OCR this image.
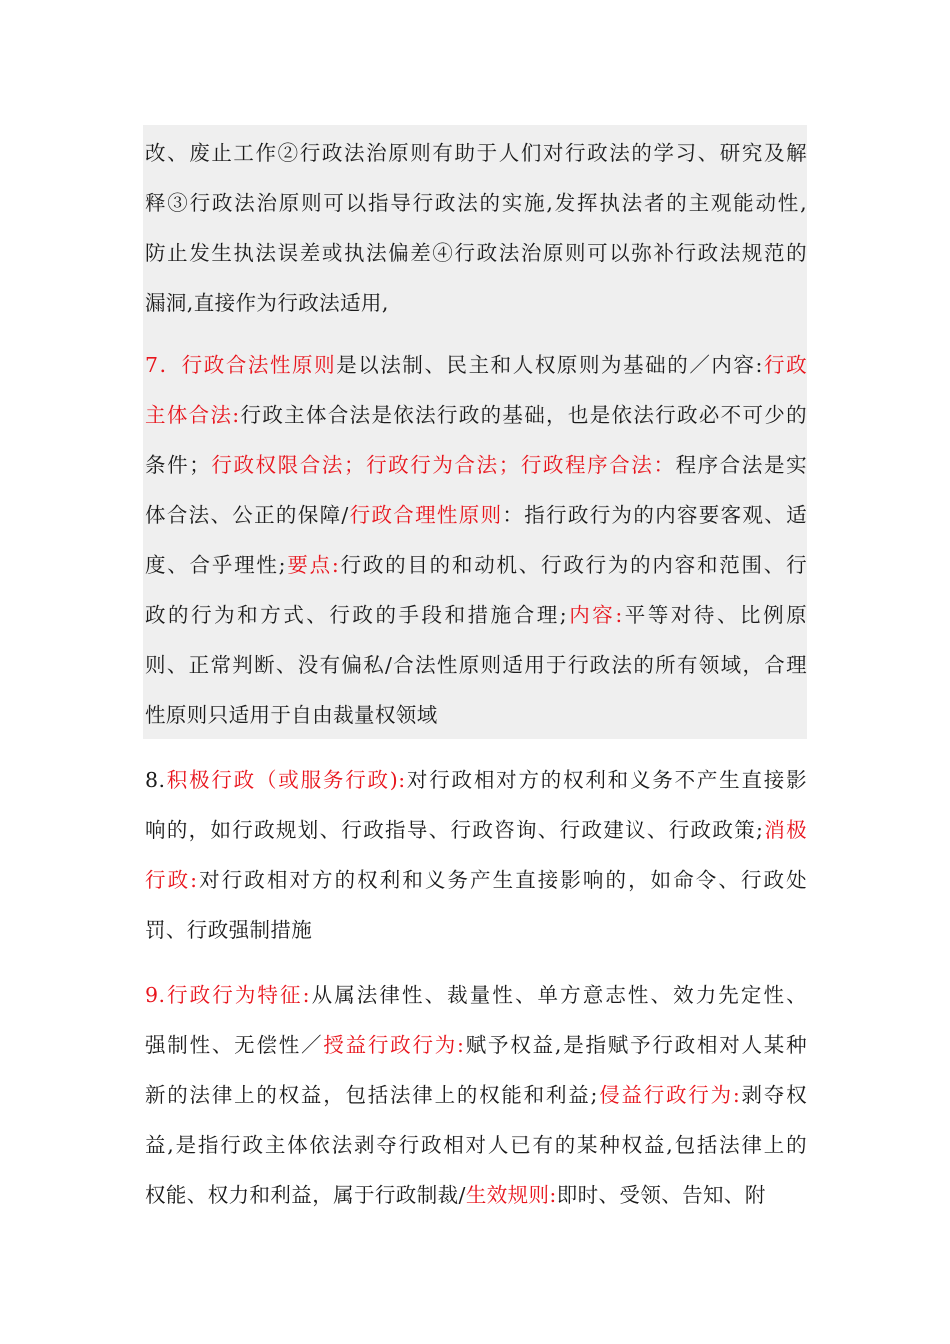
改、废止工作②行政法治原则有助于人们对行政法的学习、研究及解
释③行政法治原则可以指导行政法的实施,发挥执法者的主观能动性,
防止发生执法误差或执法偏差④行政法治原则可以弥补行政法规范的
漏洞,直接作为行政法适用,
7．行政合法性原则是以法制、民主和人权原则为基础的／内容:行政
主体合法:行政主体合法是依法行政的基础，也是依法行政必不可少的
条件；行政权限合法；行政行为合法；行政程序合法：程序合法是实
体合法、公正的保障/行政合理性原则：指行政行为的内容要客观、适
度、合乎理性;要点:行政的目的和动机、行政行为的内容和范围、行
政的行为和方式、行政的手段和措施合理;内容:平等对待、比例原
则、正常判断、没有偏私/合法性原则适用于行政法的所有领域，合理
性原则只适用于自由裁量权领域
8.积极行政（或服务行政):对行政相对方的权利和义务不产生直接影
响的，如行政规划、行政指导、行政咨询、行政建议、行政政策;消极
行政:对行政相对方的权利和义务产生直接影响的，如命令、行政处
罚、行政强制措施
9.行政行为特征:从属法律性、裁量性、单方意志性、效力先定性、
强制性、无偿性／授益行政行为:赋予权益,是指赋予行政相对人某种
新的法律上的权益，包括法律上的权能和利益;侵益行政行为:剥夺权
益,是指行政主体依法剥夺行政相对人已有的某种权益,包括法律上的
权能、权力和利益，属于行政制裁/生效规则:即时、受领、告知、附
